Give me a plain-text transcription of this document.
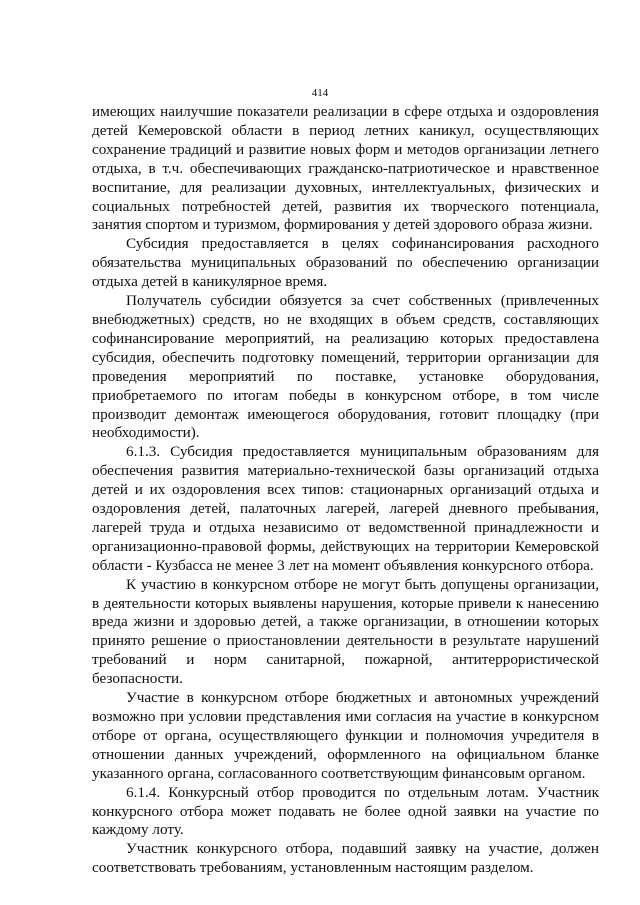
414

имеющих наилучшие показатели реализации в сфере отдыха и оздоровления детей Кемеровской области в период летних каникул, осуществляющих сохранение традиций и развитие новых форм и методов организации летнего отдыха, в т.ч. обеспечивающих гражданско-патриотическое и нравственное воспитание, для реализации духовных, интеллектуальных, физических и социальных потребностей детей, развития их творческого потенциала, занятия спортом и туризмом, формирования у детей здорового образа жизни.

Субсидия предоставляется в целях софинансирования расходного обязательства муниципальных образований по обеспечению организации отдыха детей в каникулярное время.

Получатель субсидии обязуется за счет собственных (привлеченных внебюджетных) средств, но не входящих в объем средств, составляющих софинансирование мероприятий, на реализацию которых предоставлена субсидия, обеспечить подготовку помещений, территории организации для проведения мероприятий по поставке, установке оборудования, приобретаемого по итогам победы в конкурсном отборе, в том числе производит демонтаж имеющегося оборудования, готовит площадку (при необходимости).

6.1.3. Субсидия предоставляется муниципальным образованиям для обеспечения развития материально-технической базы организаций отдыха детей и их оздоровления всех типов: стационарных организаций отдыха и оздоровления детей, палаточных лагерей, лагерей дневного пребывания, лагерей труда и отдыха независимо от ведомственной принадлежности и организационно-правовой формы, действующих на территории Кемеровской области - Кузбасса не менее 3 лет на момент объявления конкурсного отбора.

К участию в конкурсном отборе не могут быть допущены организации, в деятельности которых выявлены нарушения, которые привели к нанесению вреда жизни и здоровью детей, а также организации, в отношении которых принято решение о приостановлении деятельности в результате нарушений требований и норм санитарной, пожарной, антитеррористической безопасности.

Участие в конкурсном отборе бюджетных и автономных учреждений возможно при условии представления ими согласия на участие в конкурсном отборе от органа, осуществляющего функции и полномочия учредителя в отношении данных учреждений, оформленного на официальном бланке указанного органа, согласованного соответствующим финансовым органом.

6.1.4. Конкурсный отбор проводится по отдельным лотам. Участник конкурсного отбора может подавать не более одной заявки на участие по каждому лоту.

Участник конкурсного отбора, подавший заявку на участие, должен соответствовать требованиям, установленным настоящим разделом.
